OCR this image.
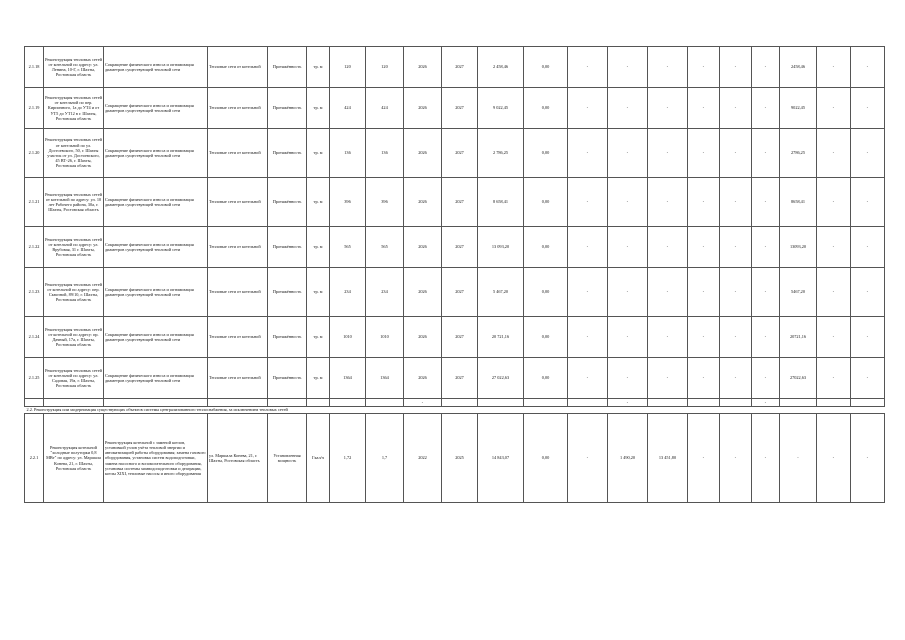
2.1.18	Реконструкция тепловых сетей от котельной по адресу: ул. Ленина, 10-Г, г. Шахты, Ростовская область	Сокращение физического износа и оптимизация диаметров существующей тепловой сети	Тепловые сети от котельной	Протяжённость	тр. м	120	120	2026	2027	2 458,46	0,00	-	-	-	-	-	-	2458,46	-	-
2.1.19	Реконструкция тепловых сетей от котельной по пер. Кирпичного, 1а до УТ4 и от УТ5 до УТ12 в г. Шахты, Ростовская область	Сокращение физического износа и оптимизация диаметров существующей тепловой сети	Тепловые сети от котельной	Протяжённость	тр. м	424	424	2026	2027	9 022,45	0,00	-	-	-	-	-	-	9022,45	-	-
2.1.20	Реконструкция тепловых сетей от котельной по ул. Достоевского, 50, г. Шахты участок от ул. Достоевского, 45 ВТ-26, г. Шахты, Ростовская область	Сокращение физического износа и оптимизация диаметров существующей тепловой сети	Тепловые сети от котельной	Протяжённость	тр. м	136	136	2026	2027	2 786,25	0,00	-	-	-	-	-	-	2786,25	-	-
2.1.21	Реконструкция тепловых сетей от котельной по адресу: ул. 10 лет Рабочего района, 30а, г. Шахты, Ростовская область	Сокращение физического износа и оптимизация диаметров существующей тепловой сети	Тепловые сети от котельной	Протяжённость	тр. м	396	396	2026	2027	8 658,41	0,00	-	-	-	-	-	-	8658,41	-	-
2.1.22	Реконструкция тепловых сетей от котельной по адресу: ул. Врубовая, 31 г. Шахты, Ростовская область	Сокращение физического износа и оптимизация диаметров существующей тепловой сети	Тепловые сети от котельной	Протяжённость	тр. м	565	565	2026	2027	13 093,20	0,00	-	-	-	-	-	-	13093,20	-	-
2.1.23	Реконструкция тепловых сетей от котельной по адресу: пер. Сквозной, 89/10, г. Шахты, Ростовская область	Сокращение физического износа и оптимизация диаметров существующей тепловой сети	Тепловые сети от котельной	Протяжённость	тр. м	234	234	2026	2027	5 467,20	0,00	-	-	-	-	-	-	5467,20	-	-
2.1.24	Реконструкция тепловых сетей от котельной по адресу: пр. Дачный, 17а, г. Шахты, Ростовская область	Сокращение физического износа и оптимизация диаметров существующей тепловой сети	Тепловые сети от котельной	Протяжённость	тр. м	1010	1010	2026	2027	20 721,16	0,00	-	-	-	-	-	-	20721,16	-	-
2.1.25	Реконструкция тепловых сетей от котельной по адресу: ул. Садовая, 19а, г. Шахты, Ростовская область	Сокращение физического износа и оптимизация диаметров существующей тепловой сети	Тепловые сети от котельной	Протяжённость	тр. м	1364	1364	2026	2027	27 022,63	0,00	-	-	-	-	-	-	27022,63	-	-
								-					-				-			
2.2. Реконструкция или модернизация существующих объектов системы централизованного теплоснабжения, за исключением тепловых сетей																				
2.2.1	Реконструкция котельной "холодные полуторки 0,8 МВт" по адресу: ул. Маршала Конева, 21, г. Шахты, Ростовская область	Реконструкция котельной с заменой котлов, установкой узлов учёта тепловой энергии и автоматизацией работы оборудования; замена газового оборудования, установка систем водоподготовки, замена насосного и вспомогательного оборудования, установка системы химводоподготовки и деаэрации, котлы XIXI, тепловые насосы и иного оборудования	ул. Маршала Конева, 21, г. Шахты, Ростовская область	Установленная мощность	Гкал/ч	1,72	1,7	2022	2025	14 843,07	0,00	-	1 490,20	13 451,80	-	-	-	-	-	-
